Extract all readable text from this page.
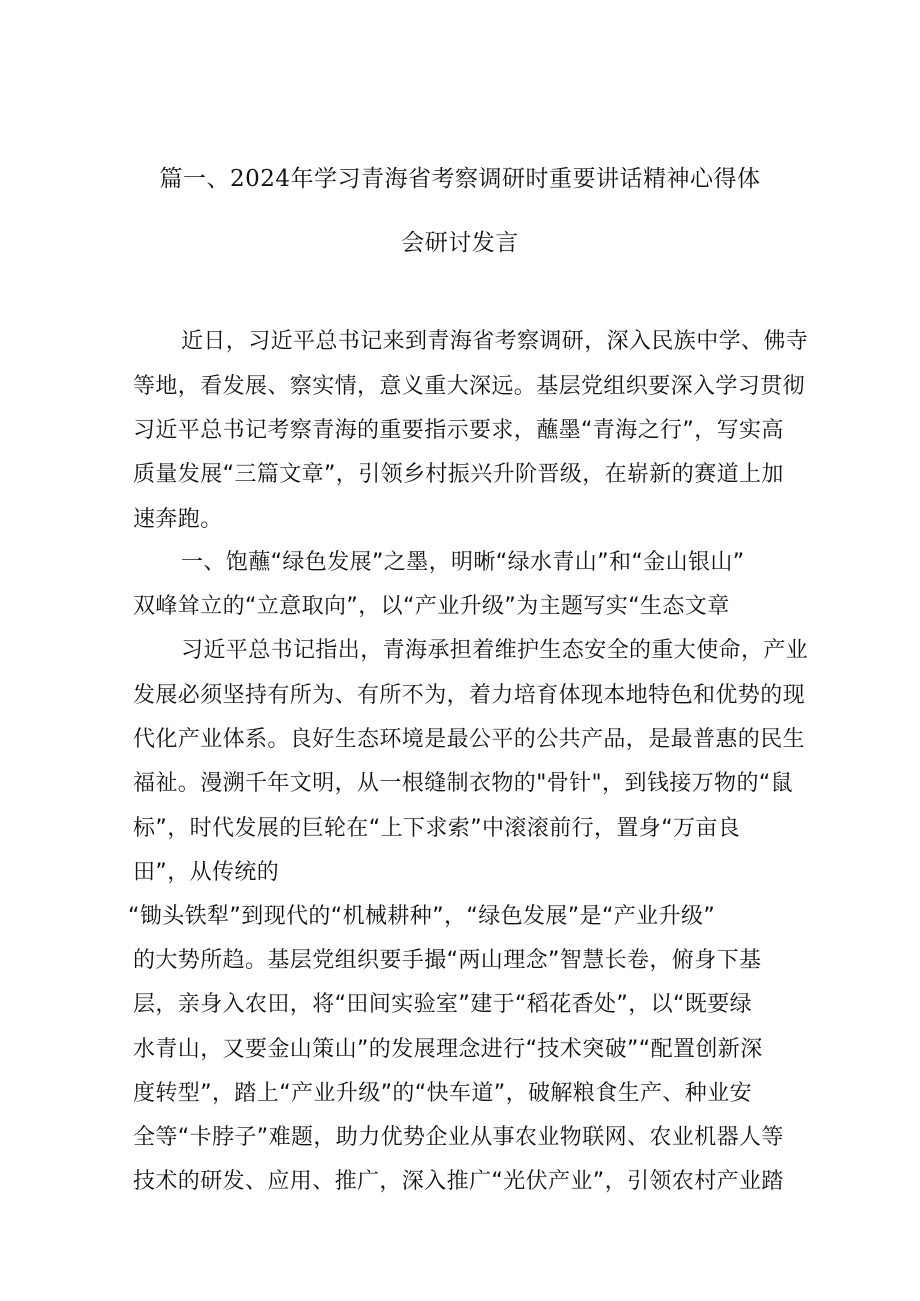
篇一、2024年学习青海省考察调研时重要讲话精神心得体
会研讨发言
近日，习近平总书记来到青海省考察调研，深入民族中学、佛寺
等地，看发展、察实情，意义重大深远。基层党组织要深入学习贯彻
习近平总书记考察青海的重要指示要求，蘸墨“青海之行”，写实高
质量发展“三篇文章”，引领乡村振兴升阶晋级，在崭新的赛道上加
速奔跑。
一、饱蘸“绿色发展”之墨，明晰“绿水青山”和“金山银山”
双峰耸立的“立意取向”，以“产业升级”为主题写实“生态文章
习近平总书记指出，青海承担着维护生态安全的重大使命，产业
发展必须坚持有所为、有所不为，着力培育体现本地特色和优势的现
代化产业体系。良好生态环境是最公平的公共产品，是最普惠的民生
福祉。漫溯千年文明，从一根缝制衣物的"骨针"，到钱接万物的“鼠
标”，时代发展的巨轮在“上下求索”中滚滚前行，置身“万亩良
田”，从传统的
“锄头铁犁”到现代的“机械耕种”，“绿色发展”是“产业升级”
的大势所趋。基层党组织要手撮“两山理念”智慧长卷，俯身下基
层，亲身入农田，将“田间实验室”建于“稻花香处”，以“既要绿
水青山，又要金山策山”的发展理念进行“技术突破”“配置创新深
度转型”，踏上“产业升级”的“快车道”，破解粮食生产、种业安
全等“卡脖子”难题，助力优势企业从事农业物联网、农业机器人等
技术的研发、应用、推广，深入推广“光伏产业”，引领农村产业踏
